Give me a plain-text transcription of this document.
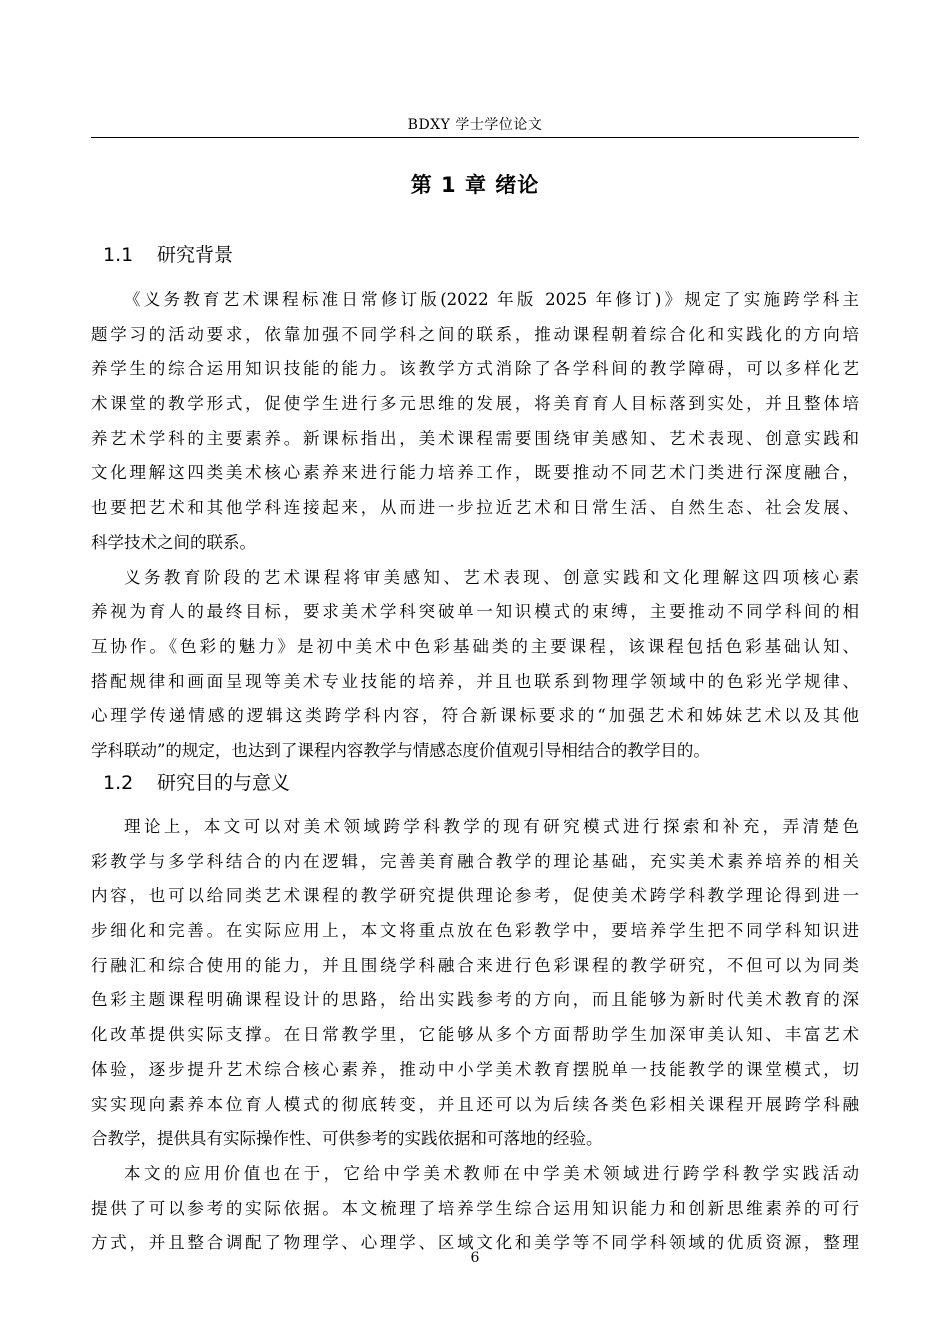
BDXY 学士学位论文
第 1 章 绪论
1.1 研究背景

《义务教育艺术课程标准日常修订版(2022 年版 2025 年修订)》规定了实施跨学科主
题学习的活动要求，依靠加强不同学科之间的联系，推动课程朝着综合化和实践化的方向培
养学生的综合运用知识技能的能力。该教学方式消除了各学科间的教学障碍，可以多样化艺
术课堂的教学形式，促使学生进行多元思维的发展，将美育育人目标落到实处，并且整体培
养艺术学科的主要素养。新课标指出，美术课程需要围绕审美感知、艺术表现、创意实践和
文化理解这四类美术核心素养来进行能力培养工作，既要推动不同艺术门类进行深度融合，
也要把艺术和其他学科连接起来，从而进一步拉近艺术和日常生活、自然生态、社会发展、
科学技术之间的联系。

义务教育阶段的艺术课程将审美感知、艺术表现、创意实践和文化理解这四项核心素
养视为育人的最终目标，要求美术学科突破单一知识模式的束缚，主要推动不同学科间的相
互协作。《色彩的魅力》是初中美术中色彩基础类的主要课程，该课程包括色彩基础认知、
搭配规律和画面呈现等美术专业技能的培养，并且也联系到物理学领域中的色彩光学规律、
心理学传递情感的逻辑这类跨学科内容，符合新课标要求的“加强艺术和姊妹艺术以及其他
学科联动”的规定，也达到了课程内容教学与情感态度价值观引导相结合的教学目的。

1.2 研究目的与意义

理论上，本文可以对美术领域跨学科教学的现有研究模式进行探索和补充，弄清楚色
彩教学与多学科结合的内在逻辑，完善美育融合教学的理论基础，充实美术素养培养的相关
内容，也可以给同类艺术课程的教学研究提供理论参考，促使美术跨学科教学理论得到进一
步细化和完善。在实际应用上，本文将重点放在色彩教学中，要培养学生把不同学科知识进
行融汇和综合使用的能力，并且围绕学科融合来进行色彩课程的教学研究，不但可以为同类
色彩主题课程明确课程设计的思路，给出实践参考的方向，而且能够为新时代美术教育的深
化改革提供实际支撑。在日常教学里，它能够从多个方面帮助学生加深审美认知、丰富艺术
体验，逐步提升艺术综合核心素养，推动中小学美术教育摆脱单一技能教学的课堂模式，切
实实现向素养本位育人模式的彻底转变，并且还可以为后续各类色彩相关课程开展跨学科融
合教学，提供具有实际操作性、可供参考的实践依据和可落地的经验。

本文的应用价值也在于，它给中学美术教师在中学美术领域进行跨学科教学实践活动
提供了可以参考的实际依据。本文梳理了培养学生综合运用知识能力和创新思维素养的可行
方式，并且整合调配了物理学、心理学、区域文化和美学等不同学科领域的优质资源，整理

6
